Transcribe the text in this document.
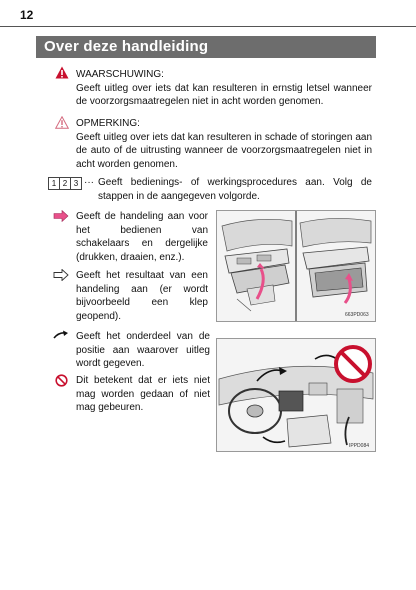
12
Over deze handleiding
WAARSCHUWING:
Geeft uitleg over iets dat kan resulteren in ernstig letsel wanneer de voorzorgsmaatregelen niet in acht worden genomen.
OPMERKING:
Geeft uitleg over iets dat kan resulteren in schade of storingen aan de auto of de uitrusting wanneer de voorzorgsmaatregelen niet in acht worden genomen.
1 2 3 ··· Geeft bedienings- of werkingsprocedures aan. Volg de stappen in de aangegeven volgorde.
Geeft de handeling aan voor het bedienen van schakelaars en dergelijke (drukken, draaien, enz.).
Geeft het resultaat van een handeling aan (er wordt bijvoorbeeld een klep geopend).	663PD063
Geeft het onderdeel van de positie aan waarover uitleg wordt gegeven.
Dit betekent dat er iets niet mag worden gedaan of niet mag gebeuren.
IPPD084
